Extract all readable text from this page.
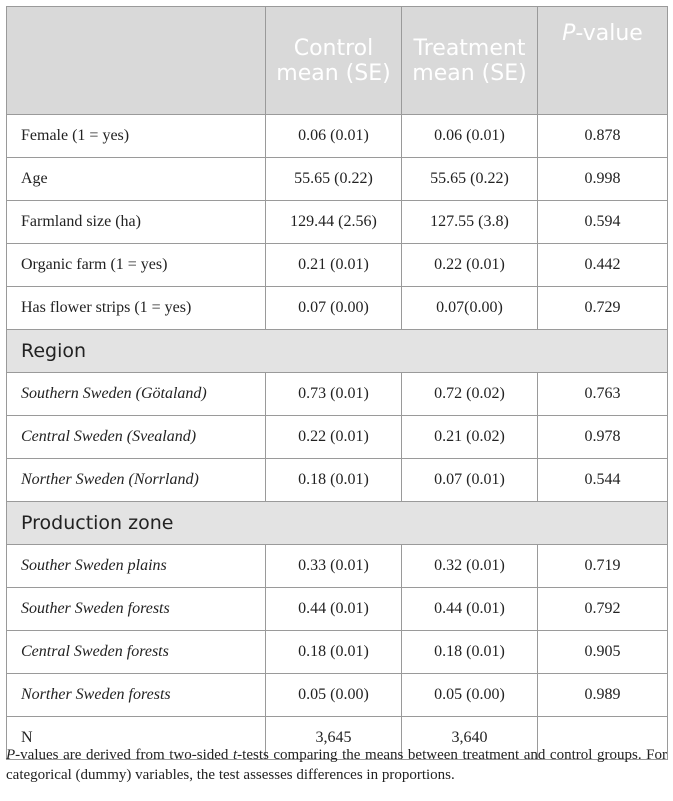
	Control mean (SE)	Treatment mean (SE)	P-value
Female (1 = yes)	0.06 (0.01)	0.06 (0.01)	0.878
Age	55.65 (0.22)	55.65 (0.22)	0.998
Farmland size (ha)	129.44 (2.56)	127.55 (3.8)	0.594
Organic farm (1 = yes)	0.21 (0.01)	0.22 (0.01)	0.442
Has flower strips (1 = yes)	0.07 (0.00)	0.07(0.00)	0.729
Region			
Southern Sweden (Götaland)	0.73 (0.01)	0.72 (0.02)	0.763
Central Sweden (Svealand)	0.22 (0.01)	0.21 (0.02)	0.978
Norther Sweden (Norrland)	0.18 (0.01)	0.07 (0.01)	0.544
Production zone			
Souther Sweden plains	0.33 (0.01)	0.32 (0.01)	0.719
Souther Sweden forests	0.44 (0.01)	0.44 (0.01)	0.792
Central Sweden forests	0.18 (0.01)	0.18 (0.01)	0.905
Norther Sweden forests	0.05 (0.00)	0.05 (0.00)	0.989
N	3,645	3,640	
P-values are derived from two-sided t-tests comparing the means between treatment and control groups. For categorical (dummy) variables, the test assesses differences in proportions.
